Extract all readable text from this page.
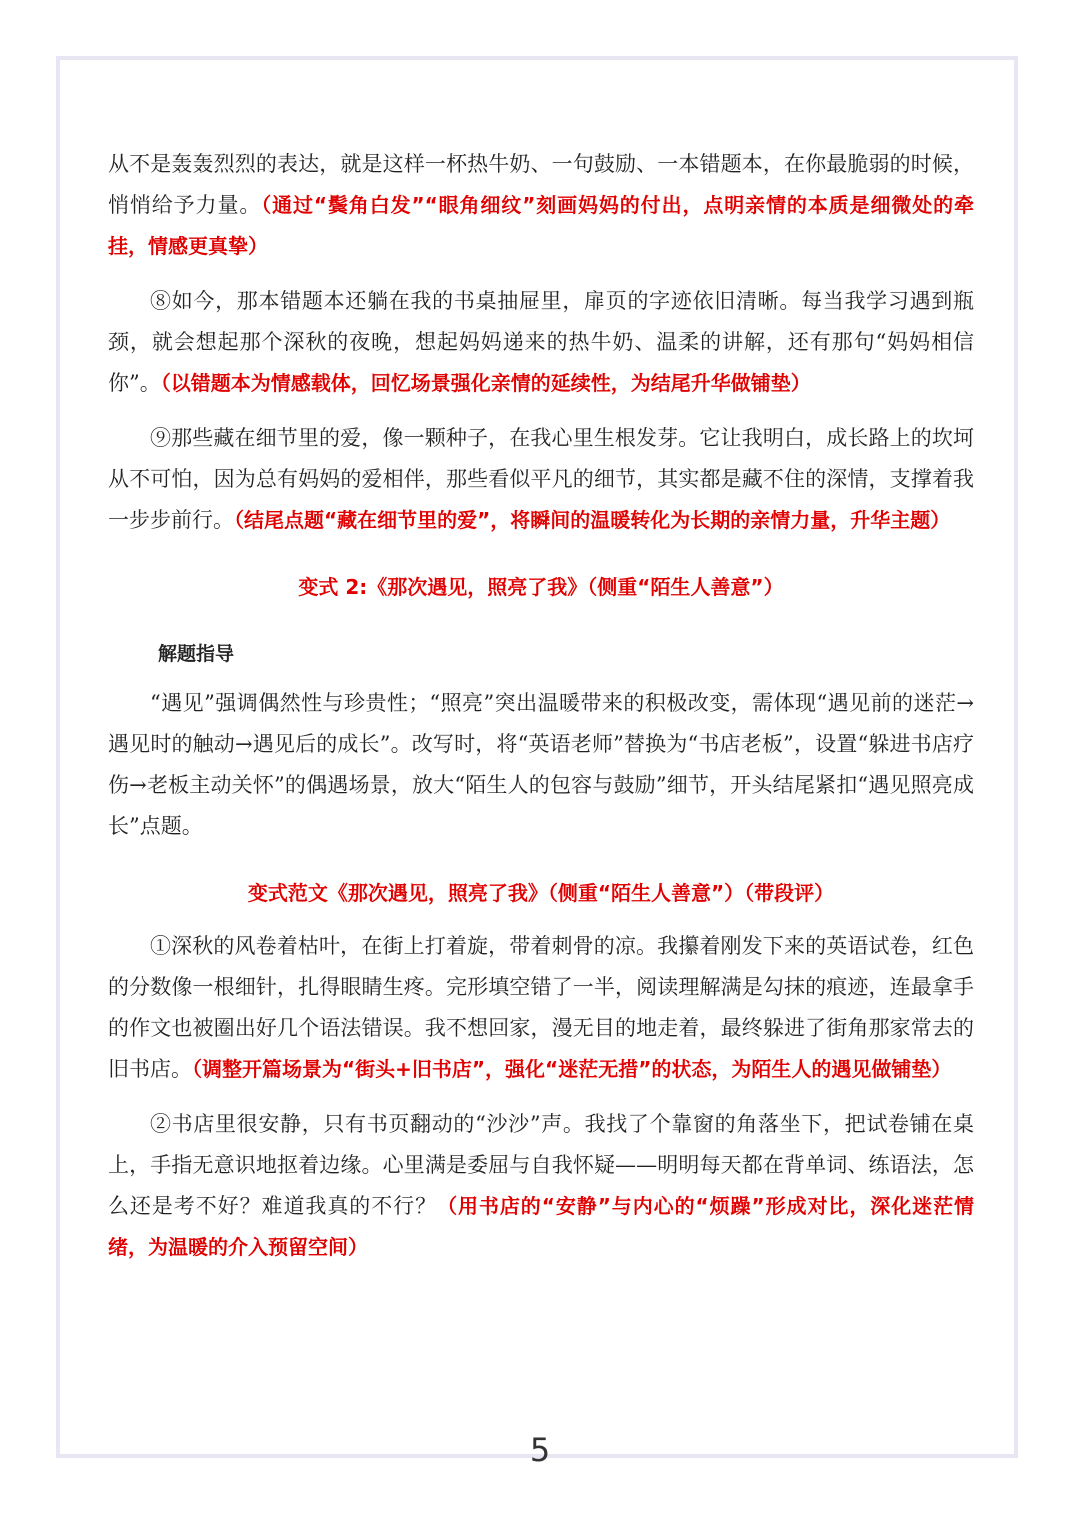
从不是轰轰烈烈的表达，就是这样一杯热牛奶、一句鼓励、一本错题本，在你最脆弱的时候，悄悄给予力量。（通过“鬓角白发”“眼角细纹”刻画妈妈的付出，点明亲情的本质是细微处的牵挂，情感更真挚）

⑧如今，那本错题本还躺在我的书桌抽屉里，扉页的字迹依旧清晰。每当我学习遇到瓶颈，就会想起那个深秋的夜晚，想起妈妈递来的热牛奶、温柔的讲解，还有那句“妈妈相信你”。（以错题本为情感载体，回忆场景强化亲情的延续性，为结尾升华做铺垫）

⑨那些藏在细节里的爱，像一颗种子，在我心里生根发芽。它让我明白，成长路上的坎坷从不可怕，因为总有妈妈的爱相伴，那些看似平凡的细节，其实都是藏不住的深情，支撑着我一步步前行。（结尾点题“藏在细节里的爱”，将瞬间的温暖转化为长期的亲情力量，升华主题）

变式 2:《那次遇见，照亮了我》（侧重“陌生人善意”）

解题指导

“遇见”强调偶然性与珍贵性；“照亮”突出温暖带来的积极改变，需体现“遇见前的迷茫→遇见时的触动→遇见后的成长”。改写时，将“英语老师”替换为“书店老板”，设置“躲进书店疗伤→老板主动关怀”的偶遇场景，放大“陌生人的包容与鼓励”细节，开头结尾紧扣“遇见照亮成长”点题。

变式范文《那次遇见，照亮了我》（侧重“陌生人善意”）（带段评）

①深秋的风卷着枯叶，在街上打着旋，带着刺骨的凉。我攥着刚发下来的英语试卷，红色的分数像一根细针，扎得眼睛生疼。完形填空错了一半，阅读理解满是勾抹的痕迹，连最拿手的作文也被圈出好几个语法错误。我不想回家，漫无目的地走着，最终躲进了街角那家常去的旧书店。（调整开篇场景为“街头+旧书店”，强化“迷茫无措”的状态，为陌生人的遇见做铺垫）

②书店里很安静，只有书页翻动的“沙沙”声。我找了个靠窗的角落坐下，把试卷铺在桌上，手指无意识地抠着边缘。心里满是委屈与自我怀疑——明明每天都在背单词、练语法，怎么还是考不好？难道我真的不行？（用书店的“安静”与内心的“烦躁”形成对比，深化迷茫情绪，为温暖的介入预留空间）

5
